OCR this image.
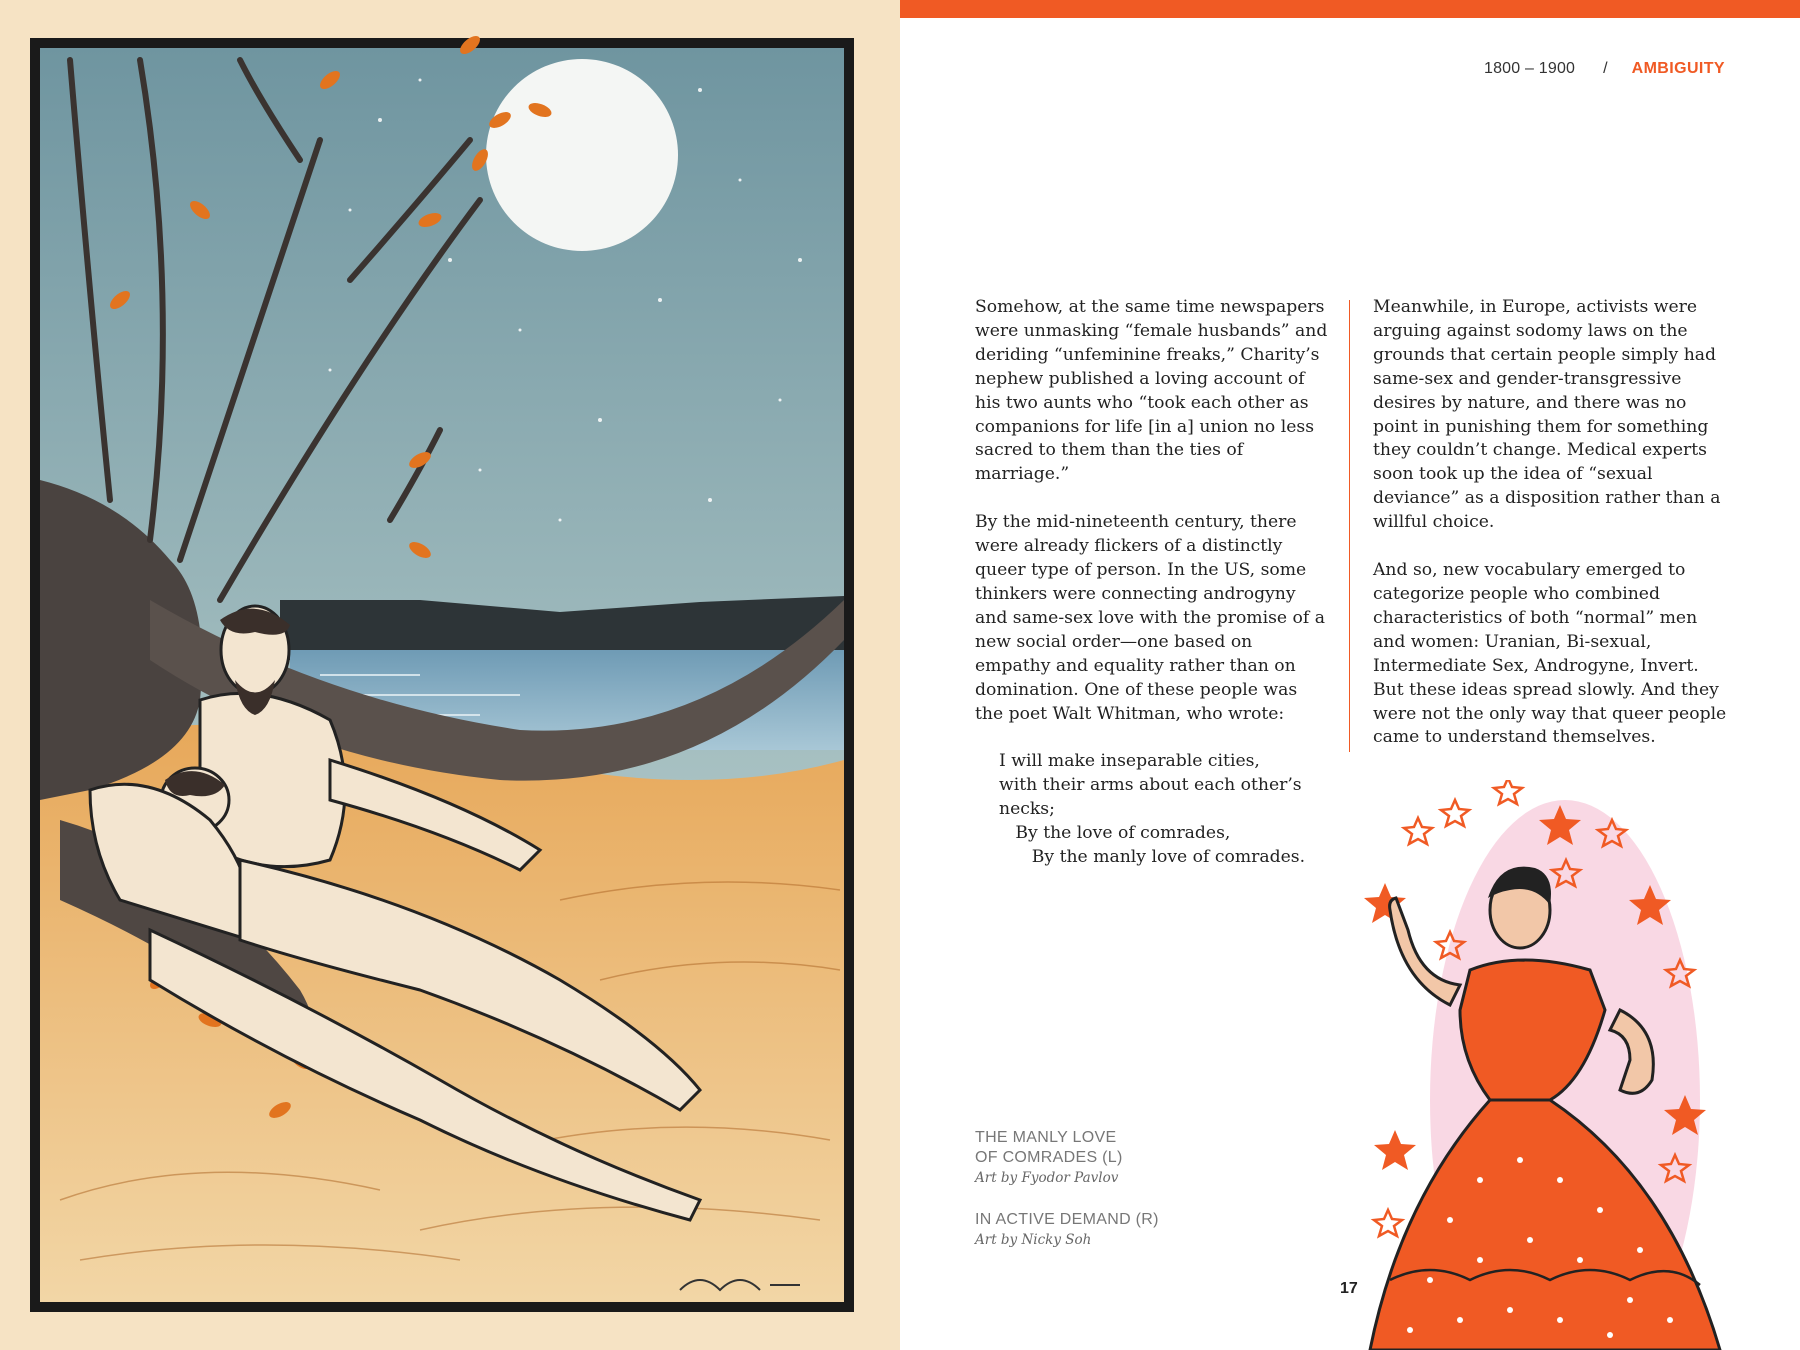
1800 – 1900 / AMBIGUITY

Somehow, at the same time newspapers were unmasking “female husbands” and deriding “unfeminine freaks,” Charity’s nephew published a loving account of his two aunts who “took each other as companions for life [in a] union no less sacred to them than the ties of marriage.”

By the mid-nineteenth century, there were already flickers of a distinctly queer type of person. In the US, some thinkers were connecting androgyny and same-sex love with the promise of a new social order—one based on empathy and equality rather than on domination. One of these people was the poet Walt Whitman, who wrote:

I will make inseparable cities,
with their arms about each other’s
necks;
By the love of comrades,
By the manly love of comrades.

Meanwhile, in Europe, activists were arguing against sodomy laws on the grounds that certain people simply had same-sex and gender-transgressive desires by nature, and there was no point in punishing them for something they couldn’t change. Medical experts soon took up the idea of “sexual deviance” as a disposition rather than a willful choice.

And so, new vocabulary emerged to categorize people who combined characteristics of both “normal” men and women: Uranian, Bi-sexual, Intermediate Sex, Androgyne, Invert. But these ideas spread slowly. And they were not the only way that queer people came to understand themselves.

THE MANLY LOVE
OF COMRADES (L)
Art by Fyodor Pavlov
IN ACTIVE DEMAND (R)
Art by Nicky Soh
17
